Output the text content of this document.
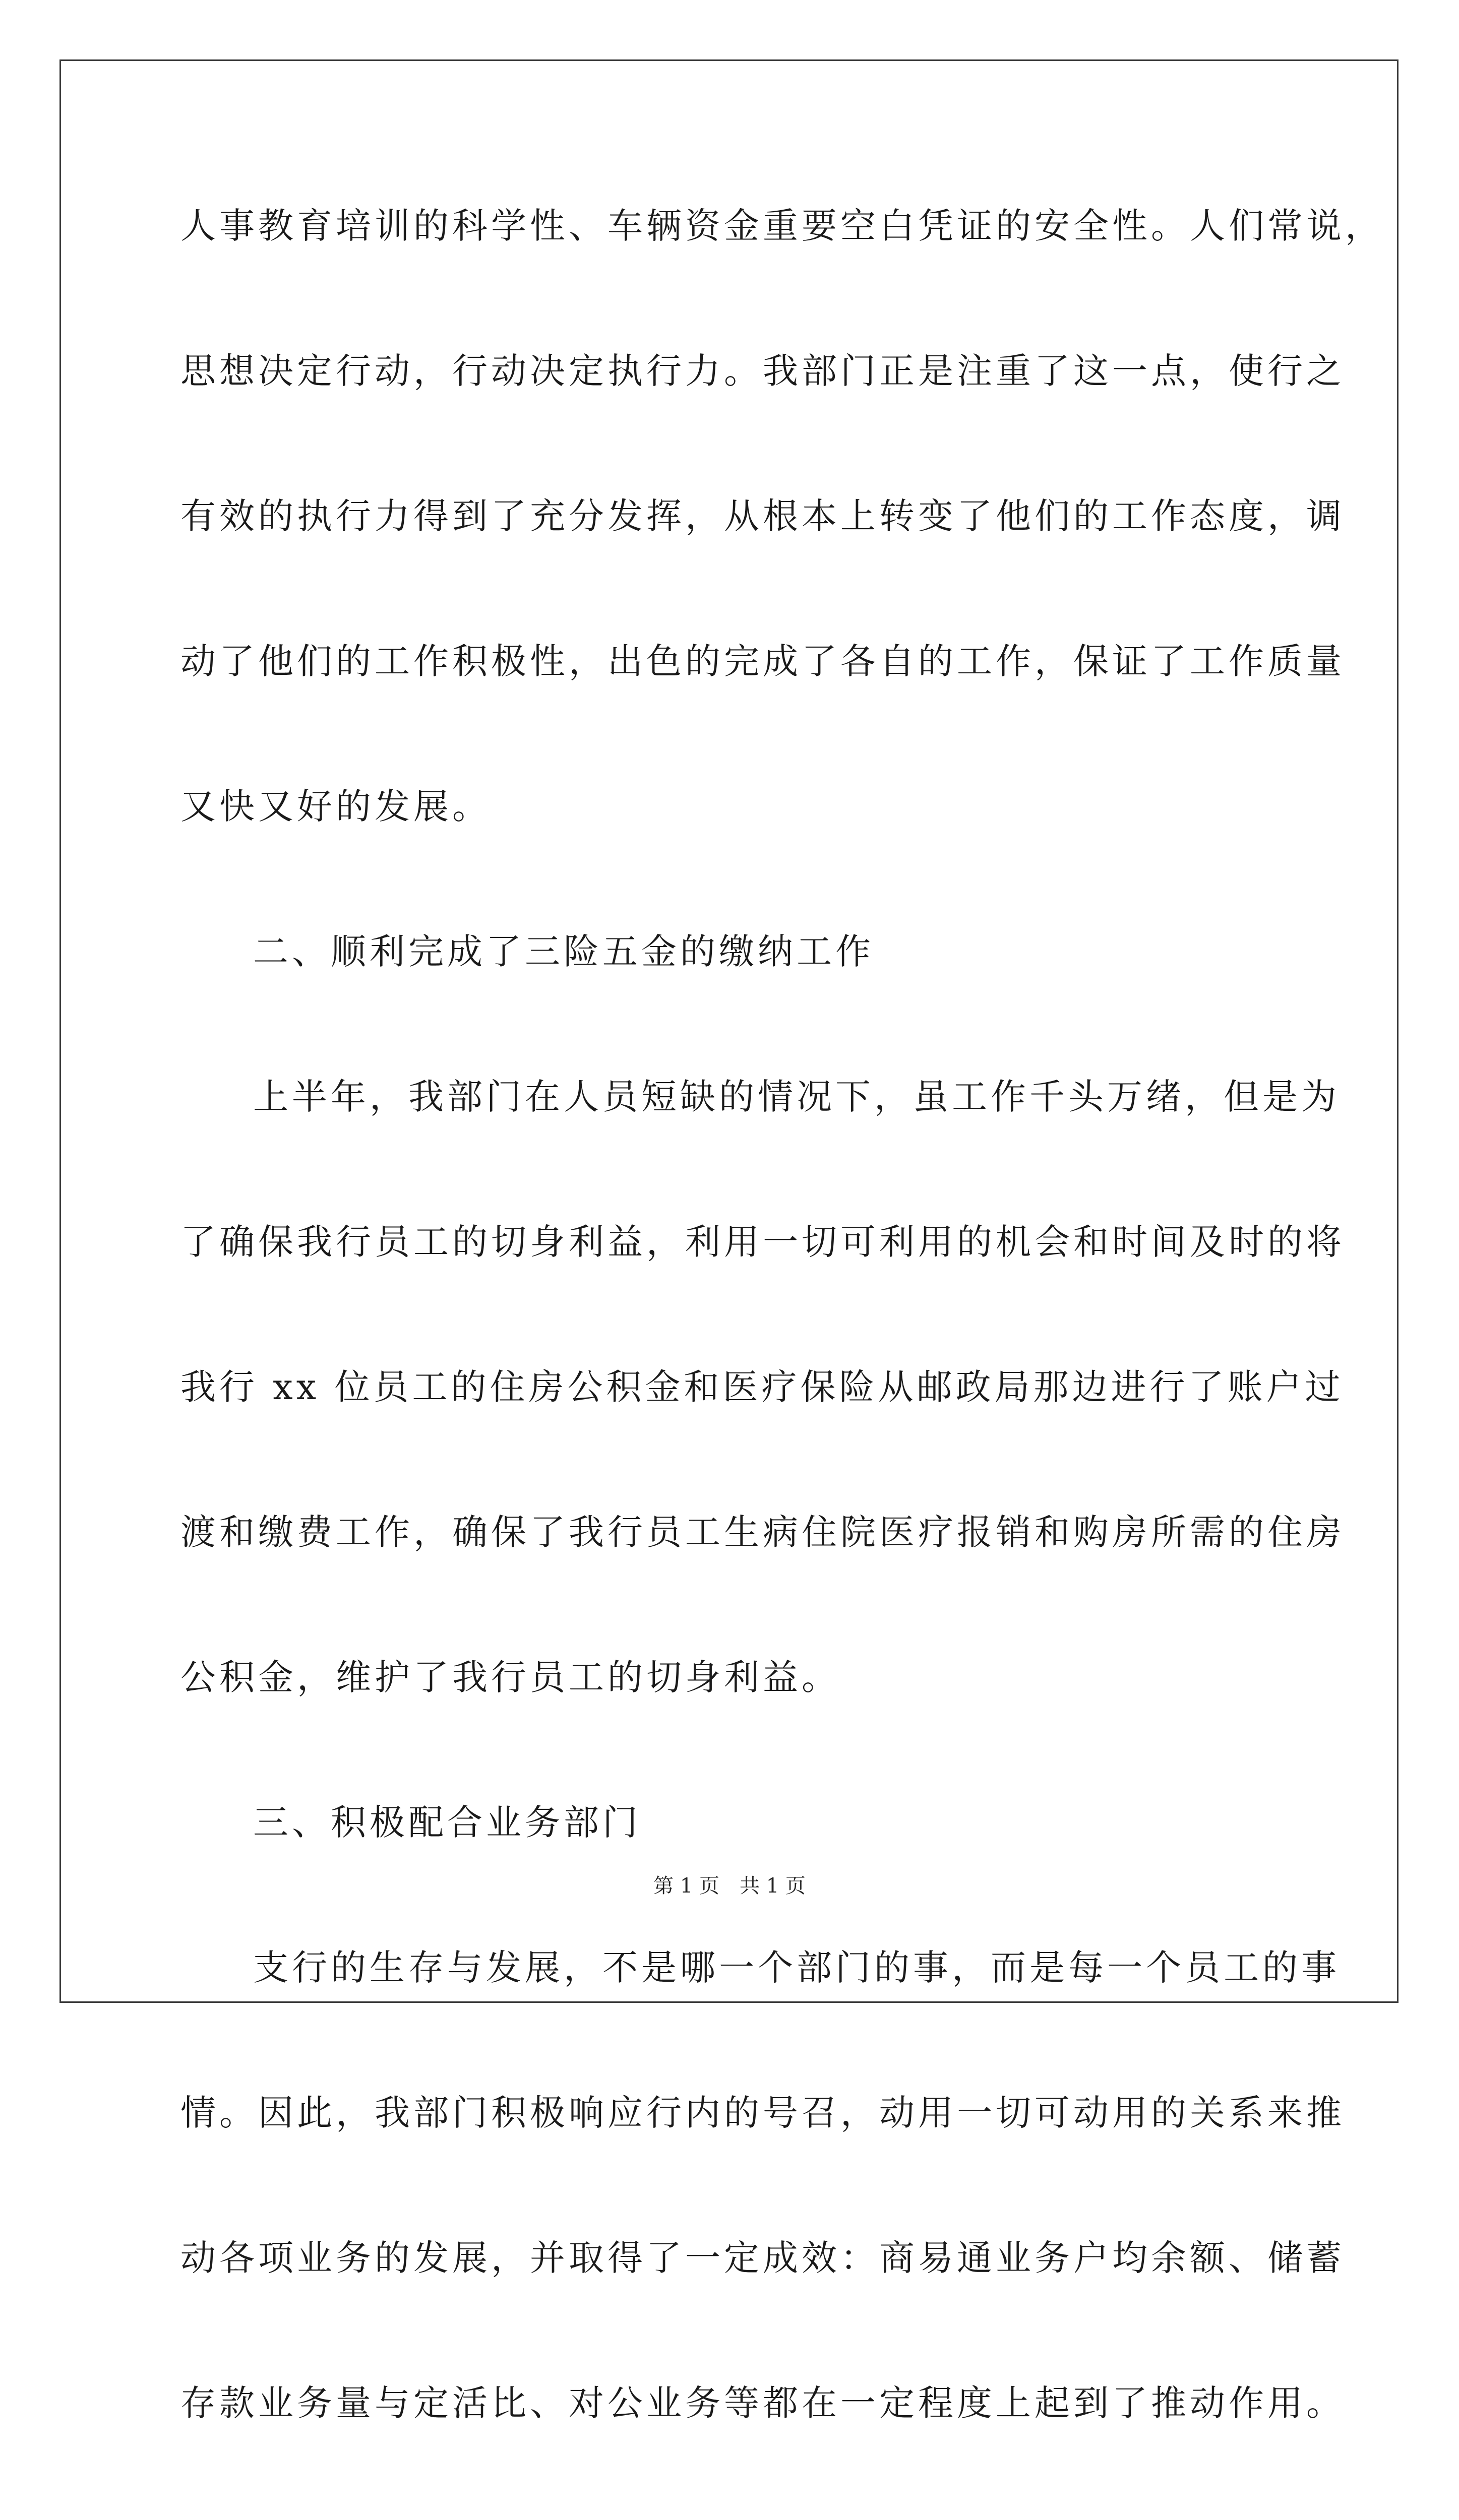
人事教育培训的科学性、车辆资金重要空白凭证的安全性。人们常说，
思想决定行动，行动决定执行力。我部门正是注重了这一点，使行之
有效的执行力得到了充分发挥，从根本上转变了他们的工作态度，调
动了他们的工作积极性，出色的完成了各自的工作，保证了工作质量
又快又好的发展。
二、顺利完成了三险五金的缴纳工作
上半年，我部门在人员短缺的情况下，虽工作千头万绪，但是为
了确保我行员工的切身利益，利用一切可利用的机会和时间及时的将
我行 xx 位员工的住房公积金和医疗保险从邮政局那边进行了账户过
渡和缴费工作，确保了我行员工生病住院医疗报销和购房所需的住房
公积金，维护了我行员工的切身利益。
三、积极配合业务部门
支行的生存与发展，不是哪一个部门的事，而是每一个员工的事
情。因此，我部门积极响应行内的号召，动用一切可动用的关系来推
动各项业务的发展，并取得了一定成效：商易通业务户均余额、储蓄
存款业务量与定活比、对公业务等都在一定程度上起到了推动作用。
第 1 页 共 1 页
